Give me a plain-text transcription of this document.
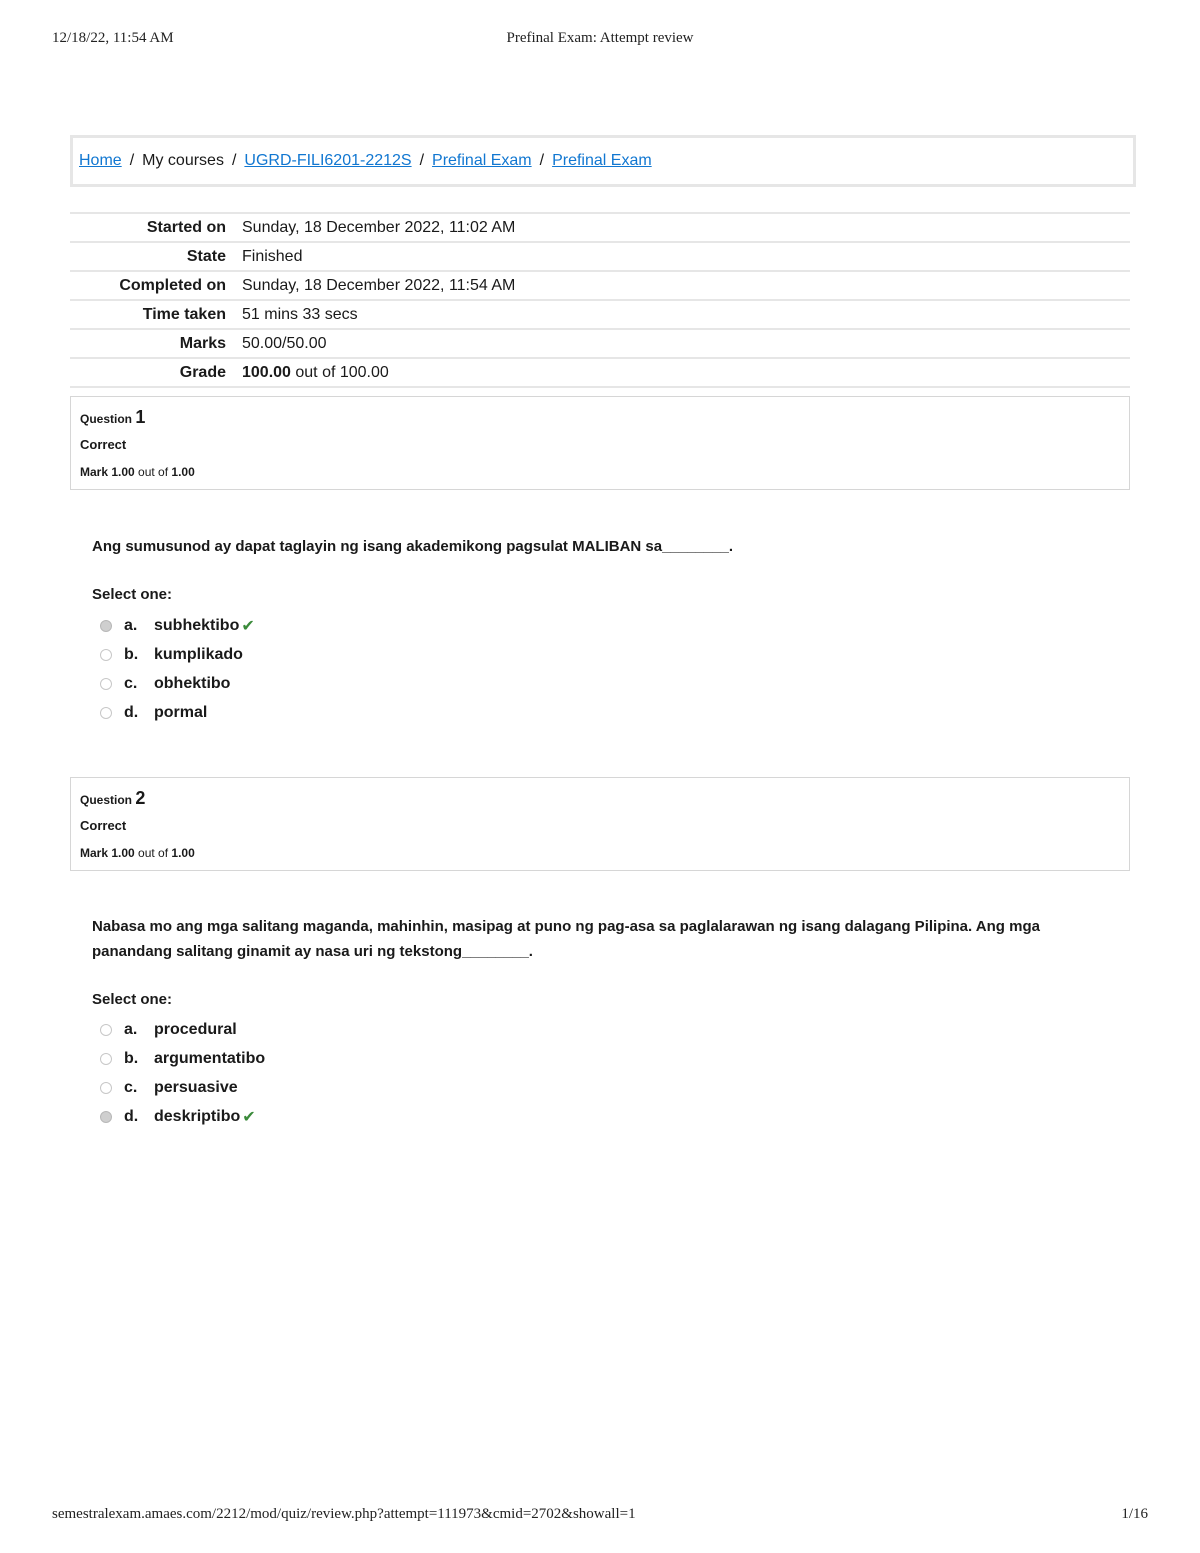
12/18/22, 11:54 AM	Prefinal Exam: Attempt review
Home / My courses / UGRD-FILI6201-2212S / Prefinal Exam / Prefinal Exam
Started on	Sunday, 18 December 2022, 11:02 AM
State	Finished
Completed on	Sunday, 18 December 2022, 11:54 AM
Time taken	51 mins 33 secs
Marks	50.00/50.00
Grade	100.00 out of 100.00
Question 1
Correct
Mark 1.00 out of 1.00
Ang sumusunod ay dapat taglayin ng isang akademikong pagsulat MALIBAN sa________.
Select one:
a.	subhektibo ✔
b. kumplikado
c.	obhektibo
d. pormal
Question 2
Correct
Mark 1.00 out of 1.00
Nabasa mo ang mga salitang maganda, mahinhin, masipag at puno ng pag-asa sa paglalarawan ng isang dalagang Pilipina. Ang mga panandang salitang ginamit ay nasa uri ng tekstong________.
Select one:
a.	procedural
b. argumentatibo
c.	persuasive
d. deskriptibo ✔
semestralexam.amaes.com/2212/mod/quiz/review.php?attempt=111973&cmid=2702&showall=1	1/16
